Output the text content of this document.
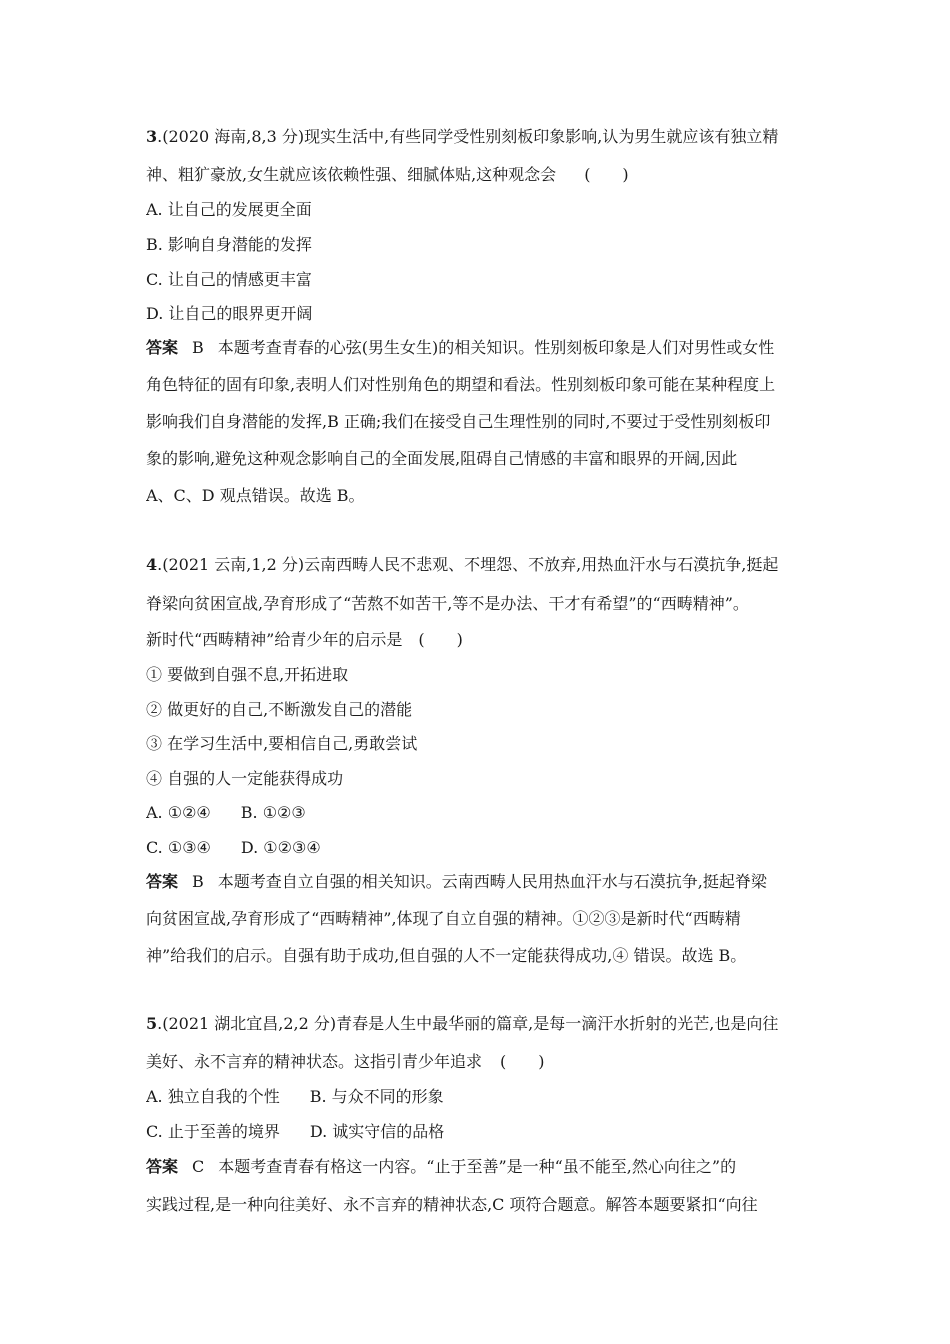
3.(2020 海南,8,3 分)现实生活中,有些同学受性别刻板印象影响,认为男生就应该有独立精
神、粗犷豪放,女生就应该依赖性强、细腻体贴,这种观念会 (　　)
A. 让自己的发展更全面
B. 影响自身潜能的发挥
C. 让自己的情感更丰富
D. 让自己的眼界更开阔
答案 B 本题考查青春的心弦(男生女生)的相关知识。性别刻板印象是人们对男性或女性
角色特征的固有印象,表明人们对性别角色的期望和看法。性别刻板印象可能在某种程度上
影响我们自身潜能的发挥,B 正确;我们在接受自己生理性别的同时,不要过于受性别刻板印
象的影响,避免这种观念影响自己的全面发展,阻碍自己情感的丰富和眼界的开阔,因此
A、C、D 观点错误。故选 B。
4.(2021 云南,1,2 分)云南西畴人民不悲观、不埋怨、不放弃,用热血汗水与石漠抗争,挺起
脊梁向贫困宣战,孕育形成了“苦熬不如苦干,等不是办法、干才有希望”的“西畴精神”。
新时代“西畴精神”给青少年的启示是 (　　)
① 要做到自强不息,开拓进取
② 做更好的自己,不断激发自己的潜能
③ 在学习生活中,要相信自己,勇敢尝试
④ 自强的人一定能获得成功
A. ①②④ B. ①②③
C. ①③④ D. ①②③④
答案 B 本题考查自立自强的相关知识。云南西畴人民用热血汗水与石漠抗争,挺起脊梁
向贫困宣战,孕育形成了“西畴精神”,体现了自立自强的精神。①②③是新时代“西畴精
神”给我们的启示。自强有助于成功,但自强的人不一定能获得成功,④ 错误。故选 B。
5.(2021 湖北宜昌,2,2 分)青春是人生中最华丽的篇章,是每一滴汗水折射的光芒,也是向往
美好、永不言弃的精神状态。这指引青少年追求 (　　)
A. 独立自我的个性 B. 与众不同的形象
C. 止于至善的境界 D. 诚实守信的品格
答案 C 本题考查青春有格这一内容。“止于至善”是一种“虽不能至,然心向往之”的
实践过程,是一种向往美好、永不言弃的精神状态,C 项符合题意。解答本题要紧扣“向往
